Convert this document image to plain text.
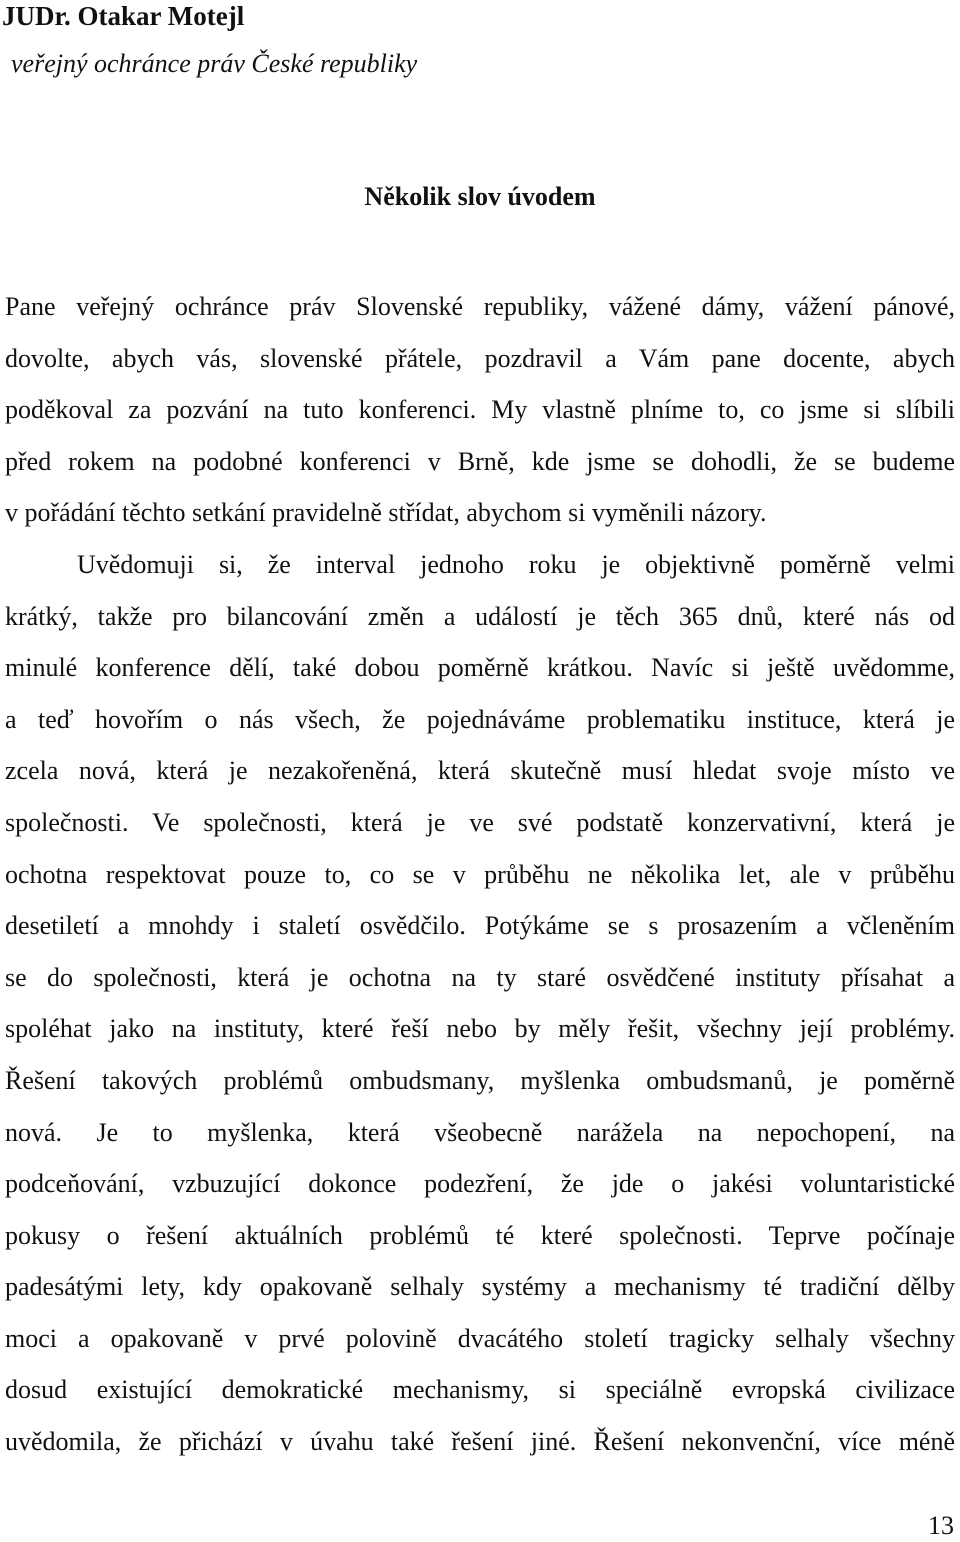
JUDr. Otakar Motejl

veřejný ochránce práv České republiky

Několik slov úvodem
Pane veřejný ochránce práv Slovenské republiky, vážené dámy, vážení pánové,
dovolte, abych vás, slovenské přátele, pozdravil a Vám pane docente, abych
poděkoval za pozvání na tuto konferenci. My vlastně plníme to, co jsme si slíbili
před rokem na podobné konferenci v Brně, kde jsme se dohodli, že se budeme
v pořádání těchto setkání pravidelně střídat, abychom si vyměnili názory.
Uvědomuji si, že interval jednoho roku je objektivně poměrně velmi
krátký, takže pro bilancování změn a událostí je těch 365 dnů, které nás od
minulé konference dělí, také dobou poměrně krátkou. Navíc si ještě uvědomme,
a teď hovořím o nás všech, že pojednáváme problematiku instituce, která je
zcela nová, která je nezakořeněná, která skutečně musí hledat svoje místo ve
společnosti. Ve společnosti, která je ve své podstatě konzervativní, která je
ochotna respektovat pouze to, co se v průběhu ne několika let, ale v průběhu
desetiletí a mnohdy i staletí osvědčilo. Potýkáme se s prosazením a včleněním
se do společnosti, která je ochotna na ty staré osvědčené instituty přísahat a
spoléhat jako na instituty, které řeší nebo by měly řešit, všechny její problémy.
Řešení takových problémů ombudsmany, myšlenka ombudsmanů, je poměrně
nová. Je to myšlenka, která všeobecně narážela na nepochopení, na
podceňování, vzbuzující dokonce podezření, že jde o jakési voluntaristické
pokusy o řešení aktuálních problémů té které společnosti. Teprve počínaje
padesátými lety, kdy opakovaně selhaly systémy a mechanismy té tradiční dělby
moci a opakovaně v prvé polovině dvacátého století tragicky selhaly všechny
dosud existující demokratické mechanismy, si speciálně evropská civilizace
uvědomila, že přichází v úvahu také řešení jiné. Řešení nekonvenční, více méně

13
